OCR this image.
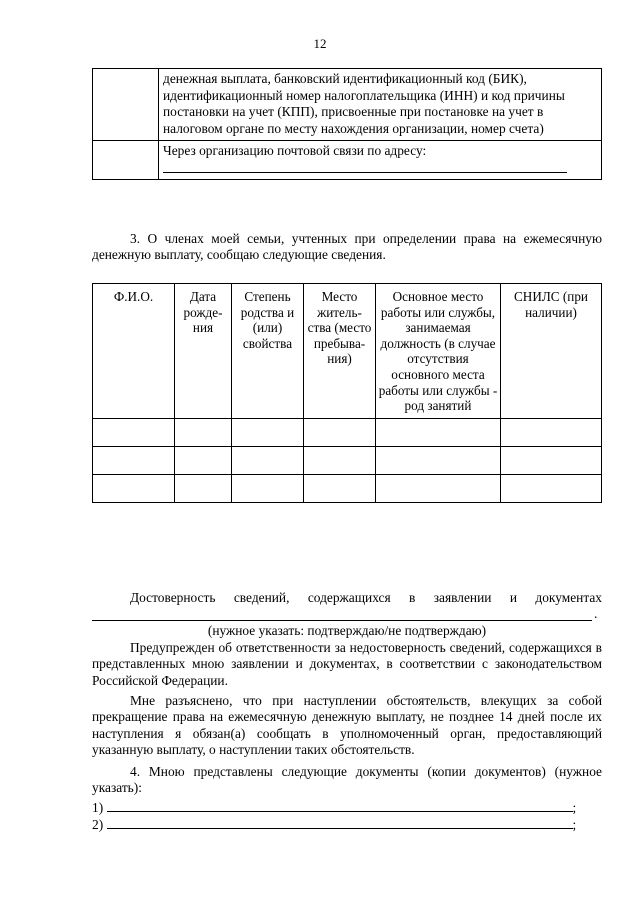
12
	денежная выплата, банковский идентификационный код (БИК), идентификационный номер налогоплательщика (ИНН) и код причины постановки на учет (КПП), присвоенные при постановке на учет в налоговом органе по месту нахождения организации, номер счета)

	Через организацию почтовой связи по адресу:

3. О членах моей семьи, учтенных при определении права на ежемесячную денежную выплату, сообщаю следующие сведения.

Ф.И.О.	Дата рожде-ния	Степень родства и (или) свойства	Место житель-ства (место пребыва-ния)	Основное место работы или службы, занимаемая должность (в случае отсутствия основного места работы или службы - род занятий	СНИЛС (при наличии)

Достоверность сведений, содержащихся в заявлении и документах

.
(нужное указать: подтверждаю/не подтверждаю)

Предупрежден об ответственности за недостоверность сведений, содержащихся в представленных мною заявлении и документах, в соответствии с законодательством Российской Федерации.

Мне разъяснено, что при наступлении обстоятельств, влекущих за собой прекращение права на ежемесячную денежную выплату, не позднее 14 дней после их наступления я обязан(а) сообщать в уполномоченный орган, предоставляющий указанную выплату, о наступлении таких обстоятельств.

4. Мною представлены следующие документы (копии документов) (нужное указать):

1)	;
2)	;
